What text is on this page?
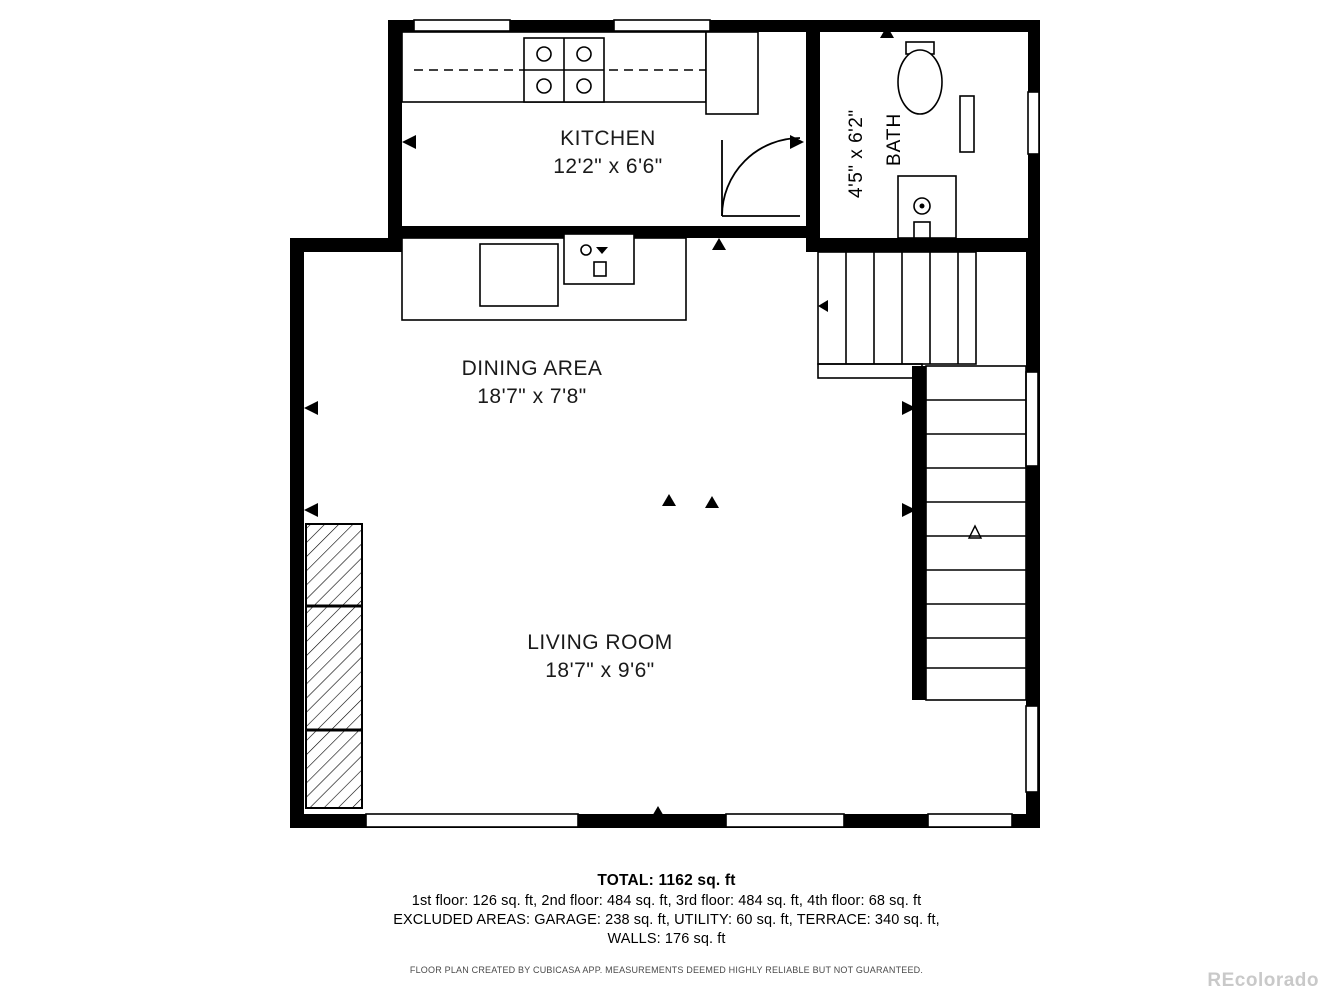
KITCHEN
12'2" x 6'6"
DINING AREA
18'7" x 7'8"
LIVING ROOM
18'7" x 9'6"
BATH
4'5" x 6'2"
TOTAL: 1162 sq. ft
1st floor: 126 sq. ft, 2nd floor: 484 sq. ft, 3rd floor: 484 sq. ft, 4th floor: 68 sq. ft
EXCLUDED AREAS: GARAGE: 238 sq. ft, UTILITY: 60 sq. ft, TERRACE: 340 sq. ft,
WALLS: 176 sq. ft
FLOOR PLAN CREATED BY CUBICASA APP. MEASUREMENTS DEEMED HIGHLY RELIABLE BUT NOT GUARANTEED.	REcolorado
